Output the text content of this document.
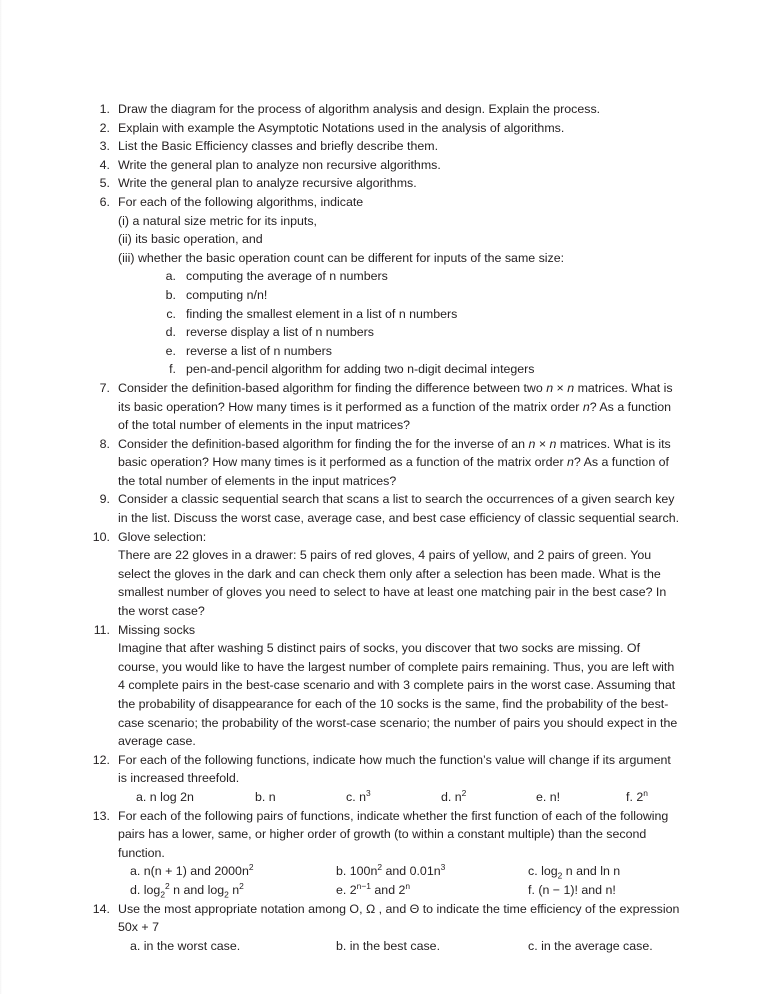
1. Draw the diagram for the process of algorithm analysis and design. Explain the process.
2. Explain with example the Asymptotic Notations used in the analysis of algorithms.
3. List the Basic Efficiency classes and briefly describe them.
4. Write the general plan to analyze non recursive algorithms.
5. Write the general plan to analyze recursive algorithms.
6. For each of the following algorithms, indicate
(i) a natural size metric for its inputs,
(ii) its basic operation, and
(iii) whether the basic operation count can be different for inputs of the same size:
a. computing the average of n numbers
b. computing n/n!
c. finding the smallest element in a list of n numbers
d. reverse display a list of n numbers
e. reverse a list of n numbers
f. pen-and-pencil algorithm for adding two n-digit decimal integers
7. Consider the definition-based algorithm for finding the difference between two n × n matrices. What is its basic operation? How many times is it performed as a function of the matrix order n? As a function of the total number of elements in the input matrices?
8. Consider the definition-based algorithm for finding the for the inverse of an n × n matrices. What is its basic operation? How many times is it performed as a function of the matrix order n? As a function of the total number of elements in the input matrices?
9. Consider a classic sequential search that scans a list to search the occurrences of a given search key in the list. Discuss the worst case, average case, and best case efficiency of classic sequential search.
10. Glove selection:
There are 22 gloves in a drawer: 5 pairs of red gloves, 4 pairs of yellow, and 2 pairs of green. You select the gloves in the dark and can check them only after a selection has been made. What is the smallest number of gloves you need to select to have at least one matching pair in the best case? In the worst case?
11. Missing socks
Imagine that after washing 5 distinct pairs of socks, you discover that two socks are missing. Of course, you would like to have the largest number of complete pairs remaining. Thus, you are left with 4 complete pairs in the best-case scenario and with 3 complete pairs in the worst case. Assuming that the probability of disappearance for each of the 10 socks is the same, find the probability of the best-case scenario; the probability of the worst-case scenario; the number of pairs you should expect in the average case.
12. For each of the following functions, indicate how much the function’s value will change if its argument is increased threefold.
a. n log 2n	b. n	c. $n^3$	d. $n^2$	e. n!	f. 2$^n$
13. For each of the following pairs of functions, indicate whether the first function of each of the following pairs has a lower, same, or higher order of growth (to within a constant multiple) than the second function.
a. n(n + 1) and $2000n^2$	b. $100n^2$ and $0.01n^3$	c. $\log_2 n$ and ln n
d. $\log_2^2 n$ and $\log_2 n^2$	e. $2^{n-1}$ and 2$^n$	f. (n − 1)! and n!
14. Use the most appropriate notation among O, Ω , and Θ to indicate the time efficiency of the expression 50x + 7
a. in the worst case.	b. in the best case.	c. in the average case.
